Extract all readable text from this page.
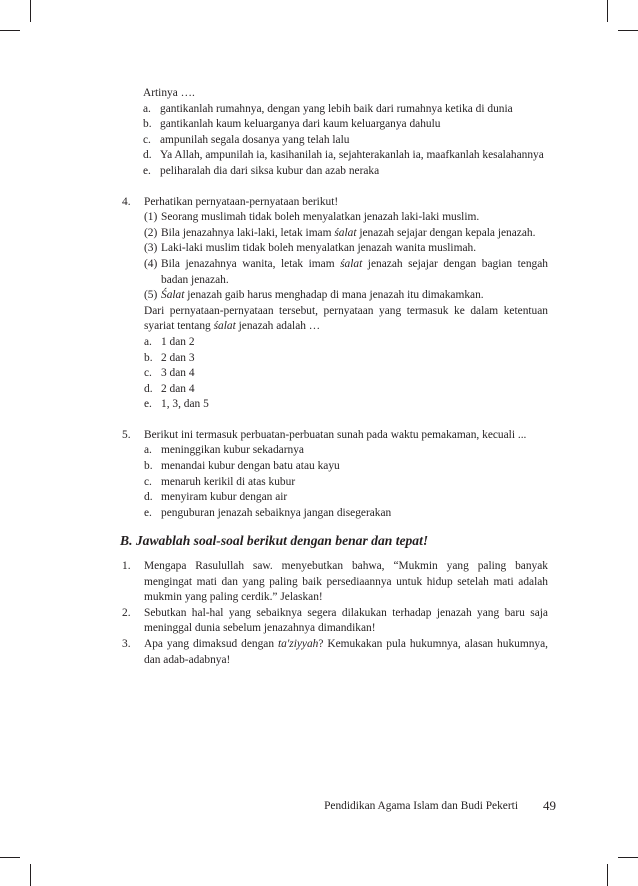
Artinya ….
a. gantikanlah rumahnya, dengan yang lebih baik dari rumahnya ketika di dunia
b. gantikanlah kaum keluarganya dari kaum keluarganya dahulu
c. ampunilah segala dosanya yang telah lalu
d. Ya Allah, ampunilah ia, kasihanilah ia, sejahterakanlah ia, maafkanlah kesalahannya
e. peliharalah dia dari siksa kubur dan azab neraka
4. Perhatikan pernyataan-pernyataan berikut!
(1) Seorang muslimah tidak boleh menyalatkan jenazah laki-laki muslim.
(2) Bila jenazahnya laki-laki, letak imam śalat jenazah sejajar dengan kepala jenazah.
(3) Laki-laki muslim tidak boleh menyalatkan jenazah wanita muslimah.
(4) Bila jenazahnya wanita, letak imam śalat jenazah sejajar dengan bagian tengah badan jenazah.
(5) Śalat jenazah gaib harus menghadap di mana jenazah itu dimakamkan.
Dari pernyataan-pernyataan tersebut, pernyataan yang termasuk ke dalam ketentuan syariat tentang śalat jenazah adalah …
a. 1 dan 2
b. 2 dan 3
c. 3 dan 4
d. 2 dan 4
e. 1, 3, dan 5
5. Berikut ini termasuk perbuatan-perbuatan sunah pada waktu pemakaman, kecuali ...
a. meninggikan kubur sekadarnya
b. menandai kubur dengan batu atau kayu
c. menaruh kerikil di atas kubur
d. menyiram kubur dengan air
e. penguburan jenazah sebaiknya jangan disegerakan
B. Jawablah soal-soal berikut dengan benar dan tepat!
1. Mengapa Rasulullah saw. menyebutkan bahwa, “Mukmin yang paling banyak mengingat mati dan yang paling baik persediaannya untuk hidup setelah mati adalah mukmin yang paling cerdik.” Jelaskan!
2. Sebutkan hal-hal yang sebaiknya segera dilakukan terhadap jenazah yang baru saja meninggal dunia sebelum jenazahnya dimandikan!
3. Apa yang dimaksud dengan ta'ziyyah? Kemukakan pula hukumnya, alasan hukumnya, dan adab-adabnya!
Pendidikan Agama Islam dan Budi Pekerti 49
